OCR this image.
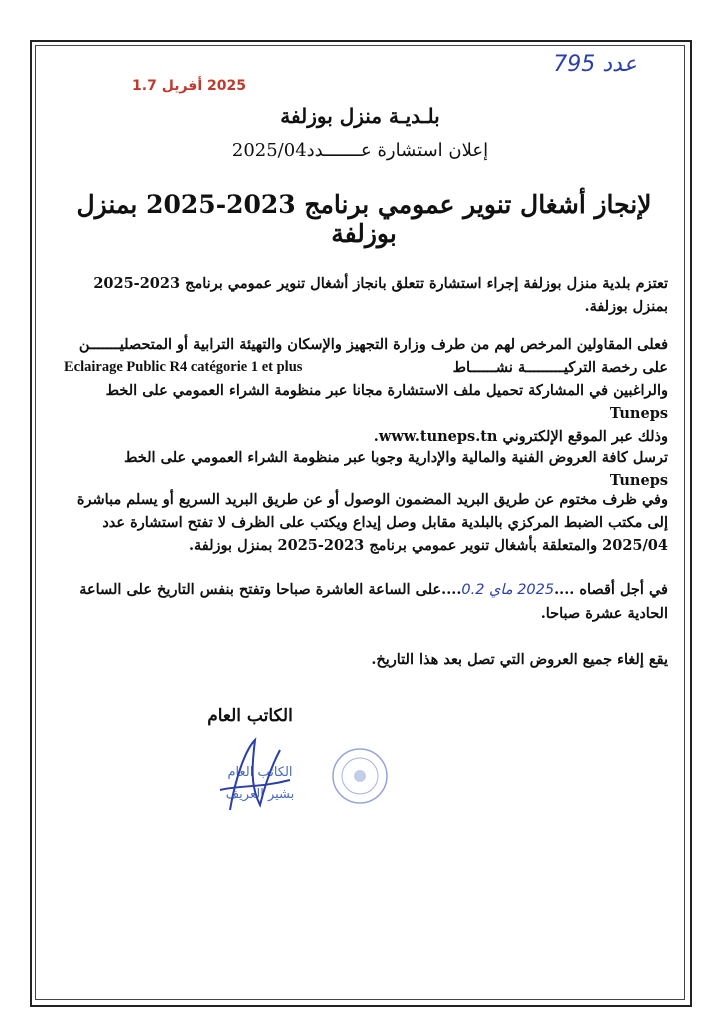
2025 أفريل 1.7
عدد 795
بلـديـة منزل بوزلفة
إعلان استشارة عـــــــدد2025/04
لإنجاز أشغال تنوير عمومي برنامج 2023-2025 بمنزل بوزلفة
تعتزم بلدية منزل بوزلفة إجراء استشارة تتعلق بانجاز أشغال تنوير عمومي برنامج 2023-2025 بمنزل بوزلفة.
فعلى المقاولين المرخص لهم من طرف وزارة التجهيز والإسكان والتهيئة الترابية أو المتحصليـــــــن
على رخصة التركيـــــــــة نشــــــاط
Eclairage Public R4 catégorie 1 et plus
والراغبين في المشاركة تحميل ملف الاستشارة مجانا عبر منظومة الشراء العمومي على الخط Tuneps
وذلك عبر الموقع الإلكتروني www.tuneps.tn.
ترسل كافة العروض الفنية والمالية والإدارية وجوبا عبر منظومة الشراء العمومي على الخط Tuneps
وفي ظرف مختوم عن طريق البريد المضمون الوصول أو عن طريق البريد السريع أو يسلم مباشرة إلى مكتب الضبط المركزي بالبلدية مقابل وصل إيداع ويكتب على الظرف لا تفتح استشارة عدد 2025/04 والمتعلقة بأشغال تنوير عمومي برنامج 2023-2025 بمنزل بوزلفة.
في أجل أقصاه ....2025 ماي 0.2....على الساعة العاشرة صباحا وتفتح بنفس التاريخ على الساعة الحادية عشرة صباحا.
يقع إلغاء جميع العروض التي تصل بعد هذا التاريخ.
الكاتب العام
الكاتب العام
بشير العريف
